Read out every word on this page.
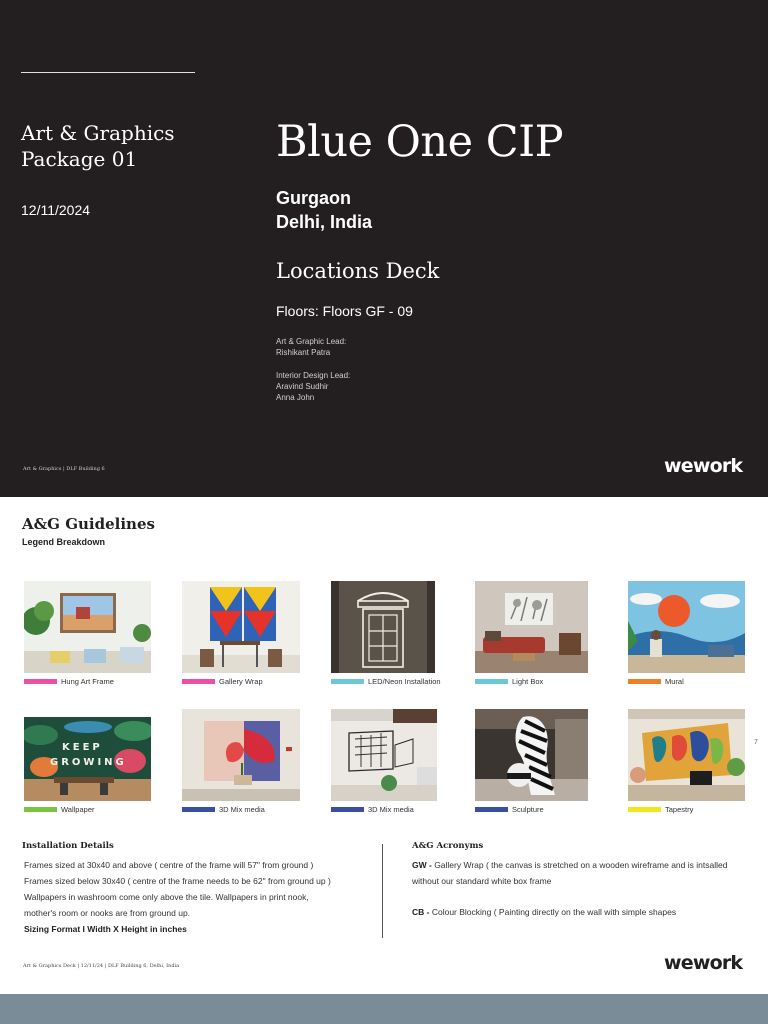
Art & Graphics
Package 01
12/11/2024
Blue One CIP
Gurgaon
Delhi, India
Locations Deck
Floors: Floors GF - 09
Art & Graphic Lead:
Rishikant Patra
Interior Design Lead:
Aravind Sudhir
Anna John
Art & Graphics | DLF Building 6	wework
A&G Guidelines
Legend Breakdown
Hung Art Frame	Gallery Wrap	LED/Neon Installation	Light Box	Mural
KEEP
GROWING
Wallpaper	3D Mix media	3D Mix media	Sculpture	Tapestry
7
Installation Details
Frames sized at 30x40 and above ( centre of the frame will 57" from ground )
Frames sized below 30x40 ( centre of the frame needs to be 62" from ground up )
Wallpapers in washroom come only above the tile. Wallpapers in print nook,
mother's room or nooks are from ground up.
Sizing Format I Width X Height in inches
A&G Acronyms
GW - Gallery Wrap ( the canvas is stretched on a wooden wireframe and is intsalled
without our standard white box frame
CB - Colour Blocking ( Painting directly on the wall with simple shapes
Art & Graphics Deck | 12/11/24 | DLF Building 6, Delhi, India	wework
